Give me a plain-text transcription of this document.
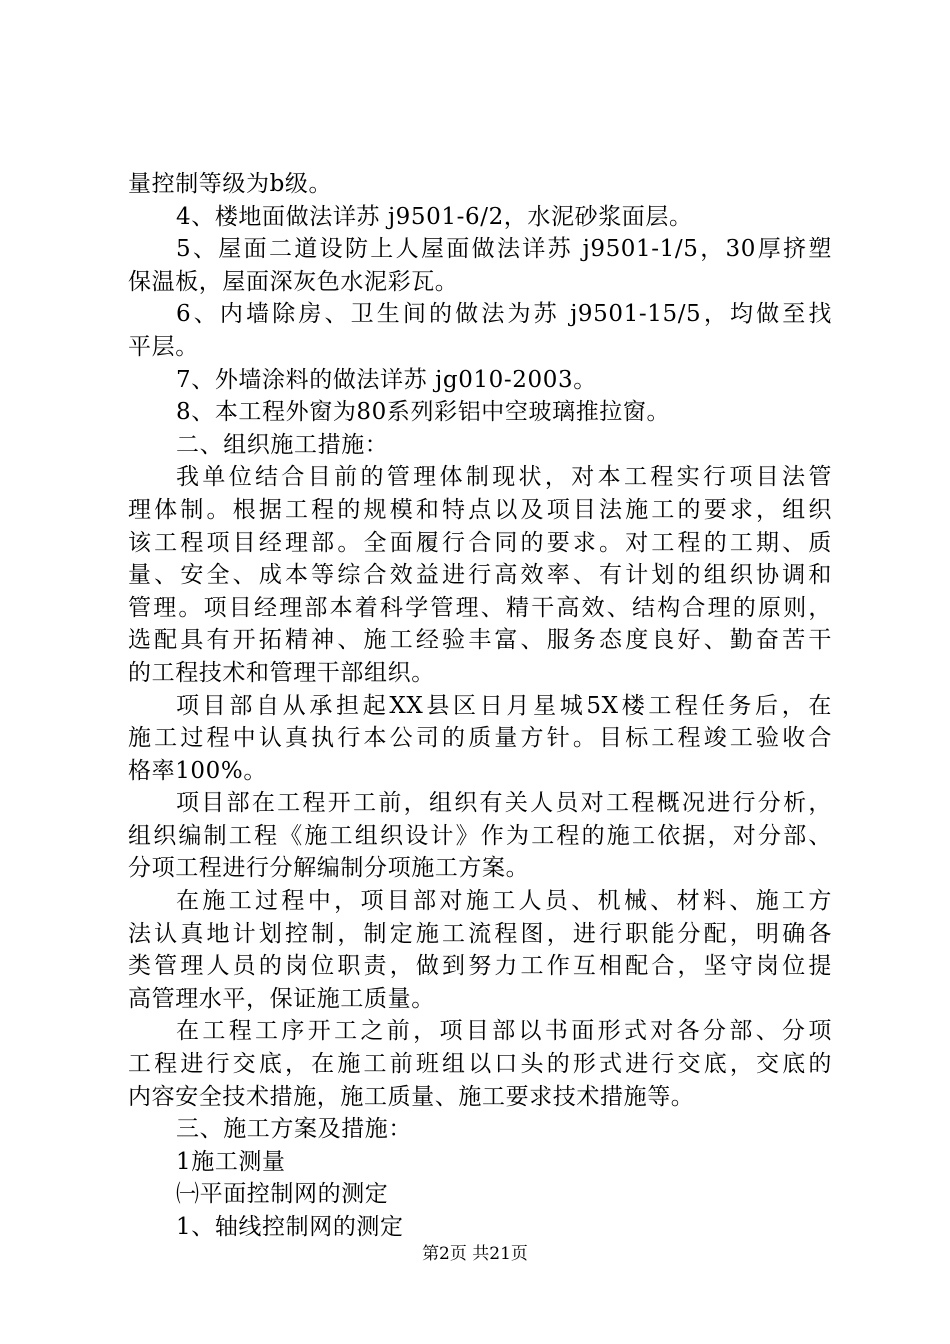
量控制等级为b级。
4、楼地面做法详苏 j9501-6/2，水泥砂浆面层。
5、屋面二道设防上人屋面做法详苏 j9501-1/5，30厚挤塑
保温板，屋面深灰色水泥彩瓦。
6、内墙除房、卫生间的做法为苏 j9501-15/5，均做至找
平层。
7、外墙涂料的做法详苏 jg010-2003。
8、本工程外窗为80系列彩铝中空玻璃推拉窗。
二、组织施工措施：
我单位结合目前的管理体制现状，对本工程实行项目法管
理体制。根据工程的规模和特点以及项目法施工的要求，组织
该工程项目经理部。全面履行合同的要求。对工程的工期、质
量、安全、成本等综合效益进行高效率、有计划的组织协调和
管理。项目经理部本着科学管理、精干高效、结构合理的原则，
选配具有开拓精神、施工经验丰富、服务态度良好、勤奋苦干
的工程技术和管理干部组织。
项目部自从承担起XX县区日月星城5X楼工程任务后，在
施工过程中认真执行本公司的质量方针。目标工程竣工验收合
格率100%。
项目部在工程开工前，组织有关人员对工程概况进行分析，
组织编制工程《施工组织设计》作为工程的施工依据，对分部、
分项工程进行分解编制分项施工方案。
在施工过程中，项目部对施工人员、机械、材料、施工方
法认真地计划控制，制定施工流程图，进行职能分配，明确各
类管理人员的岗位职责，做到努力工作互相配合，坚守岗位提
高管理水平，保证施工质量。
在工程工序开工之前，项目部以书面形式对各分部、分项
工程进行交底，在施工前班组以口头的形式进行交底，交底的
内容安全技术措施，施工质量、施工要求技术措施等。
三、施工方案及措施：
1施工测量
㈠平面控制网的测定
1、轴线控制网的测定
第2页 共21页
